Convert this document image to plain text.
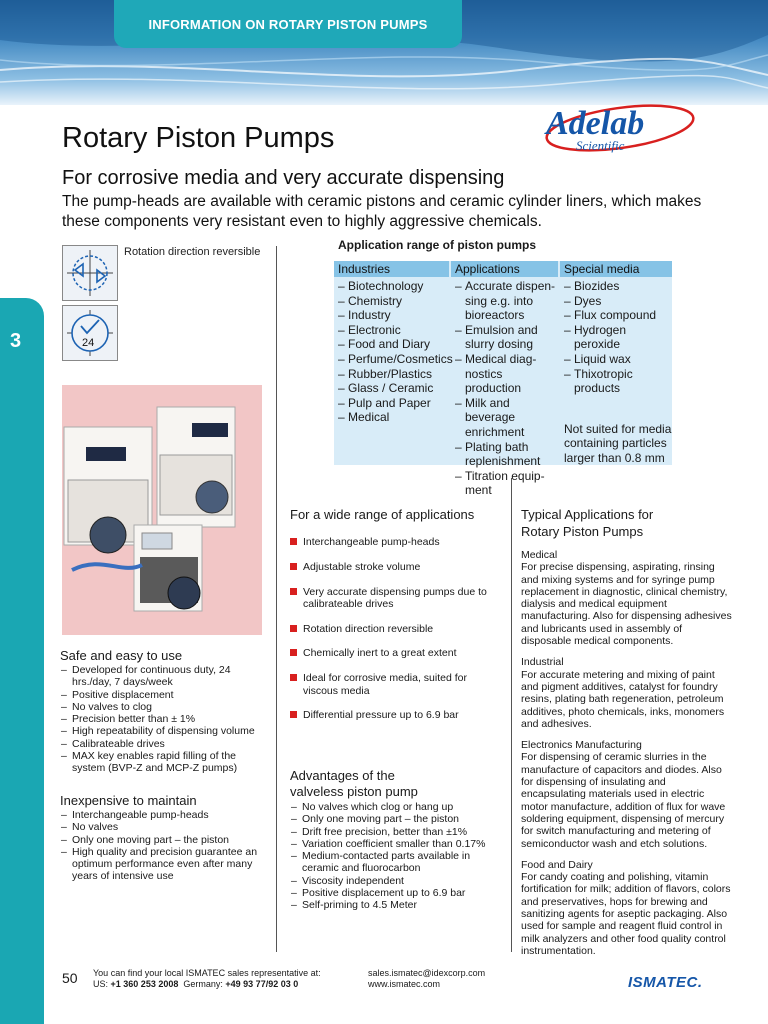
INFORMATION ON ROTARY PISTON PUMPS
Adelab
Scientific
Rotary Piston Pumps
For corrosive media and very accurate dispensing
The pump-heads are available with ceramic pistons and ceramic cylinder liners, which makes these components very resistant even to highly aggressive chemicals.
3	24
Rotation direction reversible	Application range of piston pumps
Industries
– Biotechnology
– Chemistry
– Industry
– Electronic
– Food and Diary
– Perfume/Cosmetics
– Rubber/Plastics
– Glass / Ceramic
– Pulp and Paper
– Medical
Applications
– Accurate dispen-sing e.g. into bioreactors
– Emulsion and slurry dosing
– Medical diag-nostics production
– Milk and beverage enrichment
– Plating bath replenishment
– Titration equip-ment
Special media
– Biozides
– Dyes
– Flux compound
– Hydrogen peroxide
– Liquid wax
– Thixotropic products
Not suited for media containing particles larger than 0.8 mm
Safe and easy to use
– Developed for continuous duty, 24 hrs./day, 7 days/week
– Positive displacement
– No valves to clog
– Precision better than ± 1%
– High repeatability of dispensing volume
– Calibrateable drives
– MAX key enables rapid filling of the system (BVP-Z and MCP-Z pumps)
Inexpensive to maintain
– Interchangeable pump-heads
– No valves
– Only one moving part – the piston
– High quality and precision guarantee an optimum performance even after many years of intensive use
For a wide range of applications
Interchangeable pump-heads
Adjustable stroke volume
Very accurate dispensing pumps due to calibrateable drives
Rotation direction reversible
Chemically inert to a great extent
Ideal for corrosive media, suited for viscous media
Differential pressure up to 6.9 bar
Advantages of the valveless piston pump
– No valves which clog or hang up
– Only one moving part – the piston
– Drift free precision, better than ±1%
– Variation coefficient smaller than 0.17%
– Medium-contacted parts available in ceramic and fluorocarbon
– Viscosity independent
– Positive displacement up to 6.9 bar
– Self-priming to 4.5 Meter
Typical Applications for Rotary Piston Pumps
Medical
For precise dispensing, aspirating, rinsing and mixing systems and for syringe pump replacement in diagnostic, clinical chemistry, dialysis and medical equipment manufacturing. Also for dispensing adhesives and lubricants used in assembly of disposable medical components.
Industrial
For accurate metering and mixing of paint and pigment additives, catalyst for foundry resins, plating bath regeneration, petroleum additives, photo chemicals, inks, monomers and adhesives.
Electronics Manufacturing
For dispensing of ceramic slurries in the manufacture of capacitors and diodes. Also for dispensing of insulating and encapsulating materials used in electric motor manufacture, addition of flux for wave soldering equipment, dispensing of mercury for switch manufacturing and metering of semiconductor wash and etch solutions.
Food and Dairy
For candy coating and polishing, vitamin fortification for milk; addition of flavors, colors and preservatives, hops for brewing and sanitizing agents for aseptic packaging. Also used for sample and reagent fluid control in milk analyzers and other food quality control instrumentation.
50 You can find your local ISMATEC sales representative at:
US: +1 360 253 2008 Germany: +49 93 77/92 03 0
sales.ismatec@idexcorp.com
www.ismatec.com	ISMATEC.
